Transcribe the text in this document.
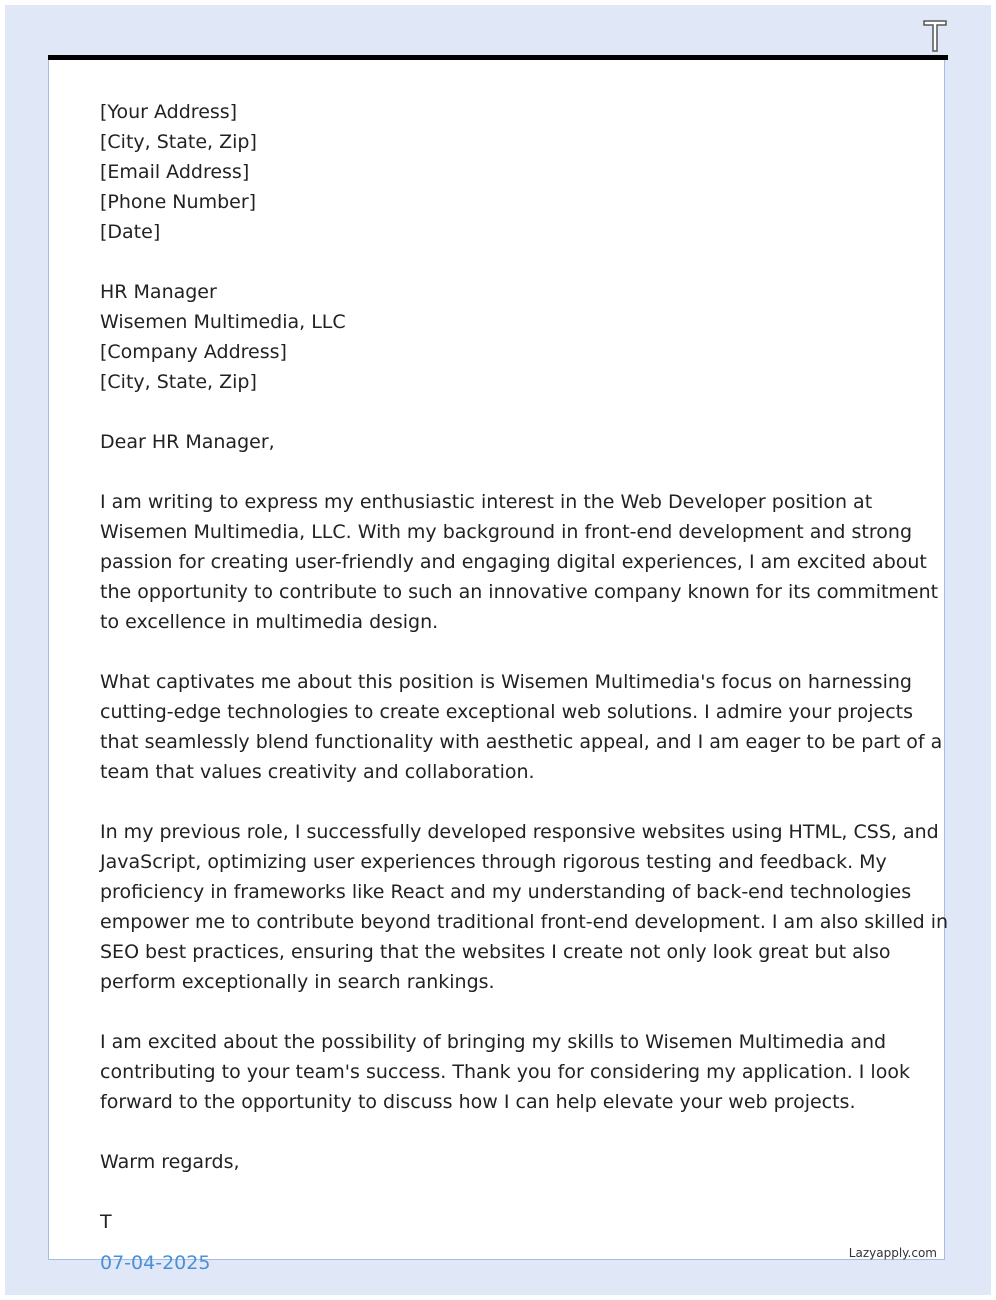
[Your Address]
[City, State, Zip]
[Email Address]
[Phone Number]
[Date]
HR Manager
Wisemen Multimedia, LLC
[Company Address]
[City, State, Zip]
Dear HR Manager,
I am writing to express my enthusiastic interest in the Web Developer position at
Wisemen Multimedia, LLC. With my background in front-end development and strong
passion for creating user-friendly and engaging digital experiences, I am excited about
the opportunity to contribute to such an innovative company known for its commitment
to excellence in multimedia design.
What captivates me about this position is Wisemen Multimedia's focus on harnessing
cutting-edge technologies to create exceptional web solutions. I admire your projects
that seamlessly blend functionality with aesthetic appeal, and I am eager to be part of a
team that values creativity and collaboration.
In my previous role, I successfully developed responsive websites using HTML, CSS, and
JavaScript, optimizing user experiences through rigorous testing and feedback. My
proficiency in frameworks like React and my understanding of back-end technologies
empower me to contribute beyond traditional front-end development. I am also skilled in
SEO best practices, ensuring that the websites I create not only look great but also
perform exceptionally in search rankings.
I am excited about the possibility of bringing my skills to Wisemen Multimedia and
contributing to your team's success. Thank you for considering my application. I look
forward to the opportunity to discuss how I can help elevate your web projects.
Warm regards,
T
07-04-2025	Lazyapply.com
